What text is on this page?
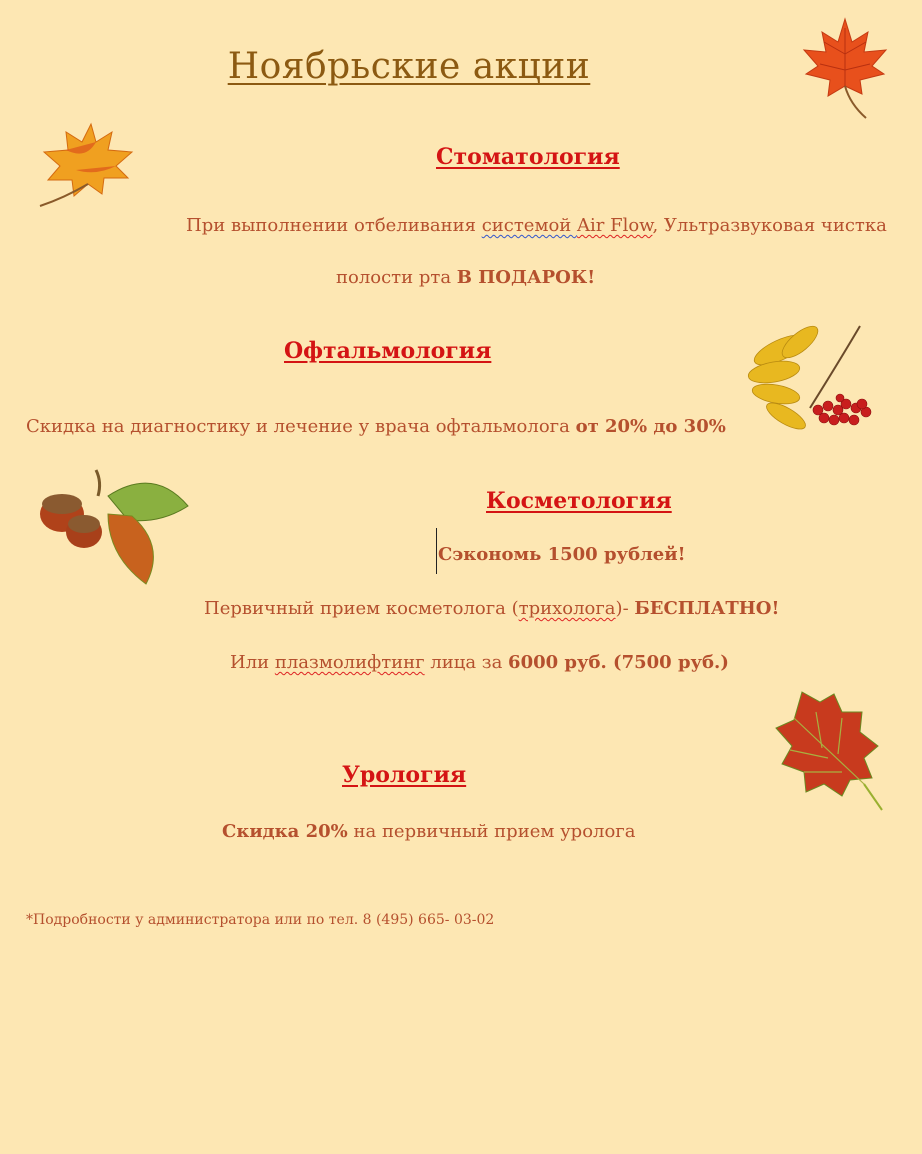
Ноябрьские акции
Стоматология
При выполнении отбеливания системой Air Flow, Ультразвуковая чистка
полости рта В ПОДАРОК!
Офтальмология
Скидка на диагностику и лечение у врача офтальмолога от 20% до 30%
Косметология
Сэкономь 1500 рублей!
Первичный прием косметолога (трихолога)- БЕСПЛАТНО!
Или плазмолифтинг лица за 6000 руб. (7500 руб.)
Урология
Скидка 20% на первичный прием уролога
*Подробности у администратора или по тел. 8 (495) 665- 03-02
